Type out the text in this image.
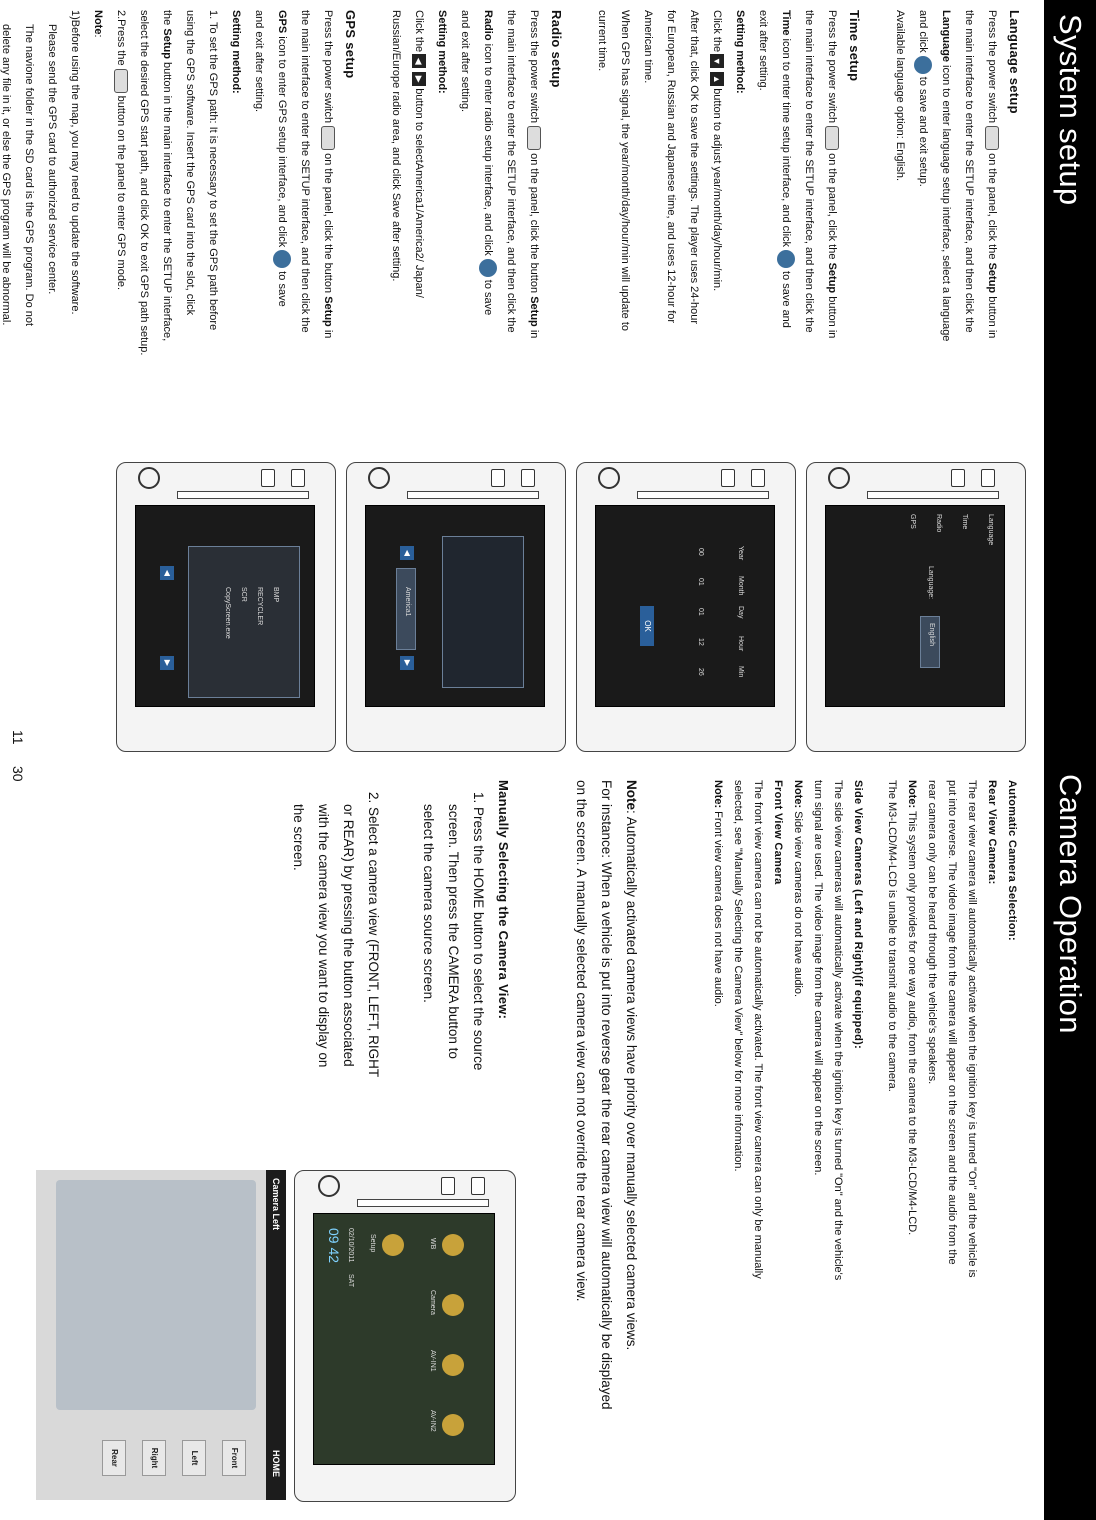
System setup

Language setup

Press the power switchon the panel, click the Setup button in

the main interface to enter the SETUP interface, and then click the

Language icon to enter language setup interface, select a language

and clickto save and exit setup.

Available language option: English.

Time setup

Press the power switchon the panel, click the Setup button in

the main interface to enter the SETUP interface, and then click the

Time icon to enter time setup interface, and clickto save and

exit after setting.

Setting method:

Click the▼▲button to adjust year/month/day/hour/min.

After that, click OK to save the settings. The player uses 24-hour

for European, Russian and Japanese time, and uses 12-hour for

American time.

When GPS has signal, the year/month/day/hour/min will update to

current time.

Radio setup

Press the power switchon the panel, click the button Setup in

the main interface to enter the SETUP interface, and then click the

Radio icon to enter radio setup interface, and clickto save

and exit after setting.

Setting method:

Click the◀▶button to selectAmerica1/America2/ Japan/

Russian/Europe radio area, and click Save after setting.

GPS setup

Press the power switchon the panel, click the button Setup in

the main interface to enter the SETUP interface, and then click the

GPS icon to enter GPS setup interface, and clickto save

and exit after setting.

Setting method:

1. To set the GPS path: It is necessary to set the GPS path before

using the GPS software. Insert the GPS card into the slot, click

the Setup button in the main interface to enter the SETUP interface,

select the desired GPS start path, and click OK to exit GPS path setup.

2.Press thebutton on the panel to enter GPS mode.

Note:

1)Before using the map, you may need to update the software.

Please send the GPS card to authorized service center.

The navione folder in the SD card is the GPS program. Do not

delete any file in it, or else the GPS program will be abnormal.

Language
Time
Radio
GPS
Language:
English
Year
Month
Day
Hour
Min
00
01
01
12
26
OK
◀
America1
▶
BMP
RECYCLER
SCR
CopyScreen.exe
◀
▶
11
Camera Operation

Automatic Camera Selection:

Rear View Camera:

The rear view camera will automatically activate when the ignition key is turned "On" and the vehicle is

put into reverse. The video image from the camera will appear on the screen and the audio from the

rear camera only can be heard through the vehicle's speakers.

Note: This system only provides for one way audio, from the camera to the M3-LCD/M4-LCD.

The M3-LCD/M4-LCD is unable to transmit audio to the camera.

Side View Cameras (Left and Right)(if equipped):

The side view cameras will automatically activate when the ignition key is turned "On" and the vehicle's

turn signal are used. The video image from the camera will appear on the screen.

Note: Side view cameras do not have audio.

Front View Camera

The front view camera can not be automatically activated. The front view camera can only be manually

selected, see "Manually Selecting the Camera View" below for more information.

Note: Front view camera does not have audio.

Note: Automatically activated camera views have priority over manually selected camera views.

For instance: When a vehicle is put into reverse gear the rear camera view will automatically be displayed

on the screen. A manually selected camera view can not override the rear camera view.

Manually Selecting the Camera View:

1. Press the HOME button to select the source

screen. Then press the CAMERA button to

select the camera source screen.

2. Select a camera view (FRONT, LEFT, RIGHT

or REAR) by pressing the button associated

with the camera view you want to display on

the screen.

WB
Camera
AV-IN1
AV-IN2
Setup
02/10/2011
SAT
09 42
Camera Left
HOME
Front
Left
Right
Rear
30
